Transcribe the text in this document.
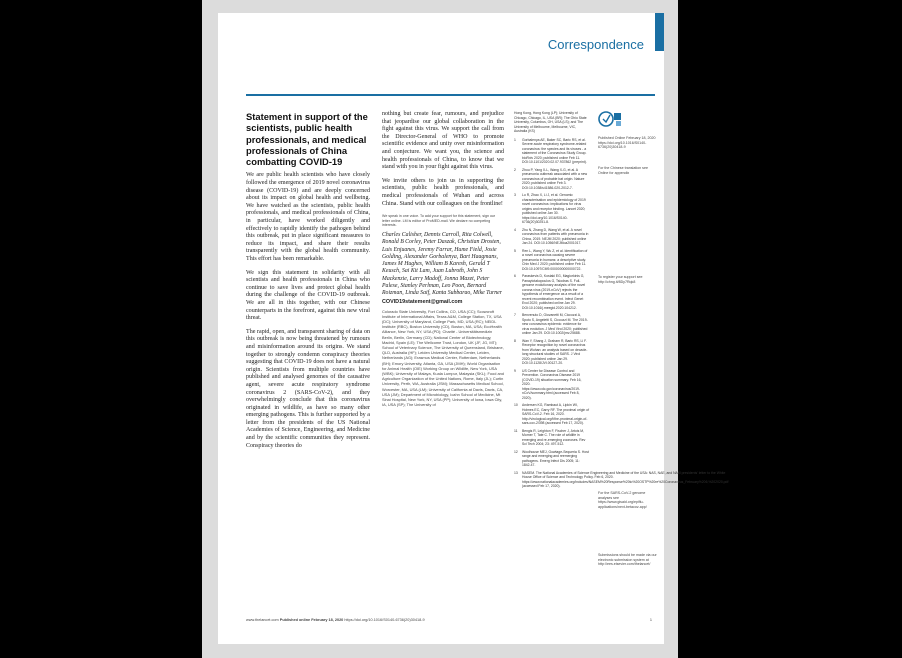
Correspondence
Statement in support of the scientists, public health professionals, and medical professionals of China combatting COVID-19

We are public health scientists who have closely followed the emergence of 2019 novel coronavirus disease (COVID-19) and are deeply concerned about its impact on global health and wellbeing. We have watched as the scientists, public health professionals, and medical professionals of China, in particular, have worked diligently and effectively to rapidly identify the pathogen behind this outbreak, put in place significant measures to reduce its impact, and share their results transparently with the global health community. This effort has been remarkable.

We sign this statement in solidarity with all scientists and health professionals in China who continue to save lives and protect global health during the challenge of the COVID-19 outbreak. We are all in this together, with our Chinese counterparts in the forefront, against this new viral threat.

The rapid, open, and transparent sharing of data on this outbreak is now being threatened by rumours and misinformation around its origins. We stand together to strongly condemn conspiracy theories suggesting that COVID-19 does not have a natural origin. Scientists from multiple countries have published and analysed genomes of the causative agent, severe acute respiratory syndrome coronavirus 2 (SARS-CoV-2), and they overwhelmingly conclude that this coronavirus originated in wildlife, as have so many other emerging pathogens. This is further supported by a letter from the presidents of the US National Academies of Science, Engineering, and Medicine and by the scientific communities they represent. Conspiracy theories do

nothing but create fear, rumours, and prejudice that jeopardise our global collaboration in the fight against this virus. We support the call from the Director-General of WHO to promote scientific evidence and unity over misinformation and conjecture. We want you, the science and health professionals of China, to know that we stand with you in your fight against this virus.

We invite others to join us in supporting the scientists, public health professionals, and medical professionals of Wuhan and across China. Stand with our colleagues on the frontline!

We speak in one voice. To add your support for this statement, sign our letter online. LM is editor of ProMED-mail. We declare no competing interests.

Charles Calisher, Dennis Carroll, Rita Colwell, Ronald B Corley, Peter Daszak, Christian Drosten, Luis Enjuanes, Jeremy Farrar, Hume Field, Josie Golding, Alexander Gorbalenya, Bart Haagmans, James M Hughes, William B Karesh, Gerald T Keusch, Sai Kit Lam, Juan Lubroth, John S Mackenzie, Larry Madoff, Jonna Mazet, Peter Palese, Stanley Perlman, Leo Poon, Bernard Roizman, Linda Saif, Kanta Subbarao, Mike Turner

COVID19statement@gmail.com

Colorado State University, Fort Collins, CO, USA (CC); Scowcroft Institute of International Affairs, Texas A&M, College Station, TX, USA (DC); University of Maryland, College Park, MD, USA (RC); NEIDL Institute (RBC), Boston University (CD), Boston, MA, USA; EcoHealth Alliance, New York, NY, USA (PD); Charité - Universitätsmedizin Berlin, Berlin, Germany (CD); National Center of Biotechnology, Madrid, Spain (LE); The Wellcome Trust, London, UK (JF, JG, MT); School of Veterinary Science, The University of Queensland, Brisbane, QLD, Australia (HF); Leiden University Medical Center, Leiden, Netherlands (AG); Erasmus Medical Center, Rotterdam, Netherlands (BH); Emory University, Atlanta, GA, USA (JMH); World Organisation for Animal Health (OIE) Working Group on Wildlife, New York, USA (WBK); University of Malaya, Kuala Lumpur, Malaysia (SKL); Food and Agriculture Organization of the United Nations, Rome, Italy (JL); Curtin University, Perth, WA, Australia (JSM); Massachusetts Medical School, Worcester, MA, USA (LM); University of California at Davis, Davis, CA, USA (JM); Department of Microbiology, Icahn School of Medicine, Mt Sinai Hospital, New York, NY, USA (PP); University of Iowa, Iowa City, IA, USA (SP); The University of

Hong Kong, Hong Kong (LP); University of Chicago, Chicago, IL, USA (BR); The Ohio State University, Columbus, OH, USA (LS); and The University of Melbourne, Melbourne, VIC, Australia (KS)
1	Gorbalenya AE, Baker SC, Baric RS, et al. Severe acute respiratory syndrome-related coronavirus: the species and its viruses - a statement of the Coronavirus Study Group. bioRxiv 2020; published online Feb 11. DOI:10.1101/2020.02.07.937862 (preprint).
2	Zhou P, Yang X-L, Wang X-G, et al. A pneumonia outbreak associated with a new coronavirus of probable bat origin. Nature 2020; published online Feb 3. DOI:10.1038/s41586-020-2012-7.
3	Lu R, Zhao X, Li J, et al. Genomic characterisation and epidemiology of 2019 novel coronavirus: implications for virus origins and receptor binding. Lancet 2020; published online Jan 30. https://doi.org/10.1016/S0140-6736(20)30251-8.
4	Zhu N, Zhang D, Wang W, et al. A novel coronavirus from patients with pneumonia in China, 2019. NEJM 2020; published online Jan 24. DOI:10.1056/NEJMoa2001017.
5	Ren L, Wang Y, Wu Z, et al. Identification of a novel coronavirus causing severe pneumonia in humans: a descriptive study. Chin Med J 2020; published online Feb 11. DOI:10.1097/CM9.0000000000000722.
6	Paraskevis D, Kostaki EG, Magiorkinis G, Panayiotakopoulos G, Tsiodras S. Full-genome evolutionary analysis of the novel corona virus (2019-nCoV) rejects the hypothesis of emergence as a result of a recent recombination event. Infect Genet Evol 2020; published online Jan 29. DOI:10.1016/j.meegid.2020.104212.
7	Benvenuto D, Giovanetti M, Ciccozzi A, Spoto S, Angeletti S, Ciccozzi M. The 2019-new coronavirus epidemic: evidence for virus evolution. J Med Virol 2020; published online Jan 29. DOI:10.1002/jmv.25688.
8	Wan Y, Shang J, Graham R, Baric RS, Li F. Receptor recognition by novel coronavirus from Wuhan: an analysis based on decade-long structural studies of SARS. J Virol 2020; published online Jan 29. DOI:10.1128/JVI.00127-20.
9	US Center for Disease Control and Prevention. Coronavirus Disease 2019 (COVID-19) situation summary. Feb 16, 2020. https://www.cdc.gov/coronavirus/2019-nCoV/summary.html (accessed Feb 8, 2020).
10	Andersen KG, Rambaut A, Lipkin WI, Holmes EC, Garry RF. The proximal origin of SARS-CoV-2. Feb 16, 2020. http://virological.org/t/the-proximal-origin-of-sars-cov-2/398 (accessed Feb 17, 2020).
11	Bengis R, Leighton F, Fischer J, Artois M, Morner T, Tate C. The role of wildlife in emerging and re-emerging zoonoses. Rev Sci Tech 2004; 23: 497-512.
12	Woolhouse MEJ, Gowtage-Sequeria S. Host range and emerging and reemerging pathogens. Emerg Infect Dis 2005; 11: 1842-47.
13	NASEM. The National Academies of Science Engineering and Medicine of the USA: NAS, NAE, and NAM presidents' letter to the White House Office of Science and Technology Policy. Feb 6, 2020. https://www.nationalacademies.org/includes/NASEM%20Response%20to%20OSTP%20re%20Coronavirus_February%206,%202020.pdf (accessed Feb 17, 2020).
Published Online February 18, 2020 https://doi.org/10.1016/S0140-6736(20)30418-9
For the Chinese translation see Online for appendix
To register your support see http://chng.it/8Dy7Rqk8
For the SARS-CoV-2 genome analyses see https://www.gisaid.org/epiflu-applications/next-betacov-app/
Submissions should be made via our electronic submission system at http://ees.elsevier.com/thelancet/
www.thelancet.com Published online February 18, 2020 https://doi.org/10.1016/S0140-6736(20)30418-9	1
